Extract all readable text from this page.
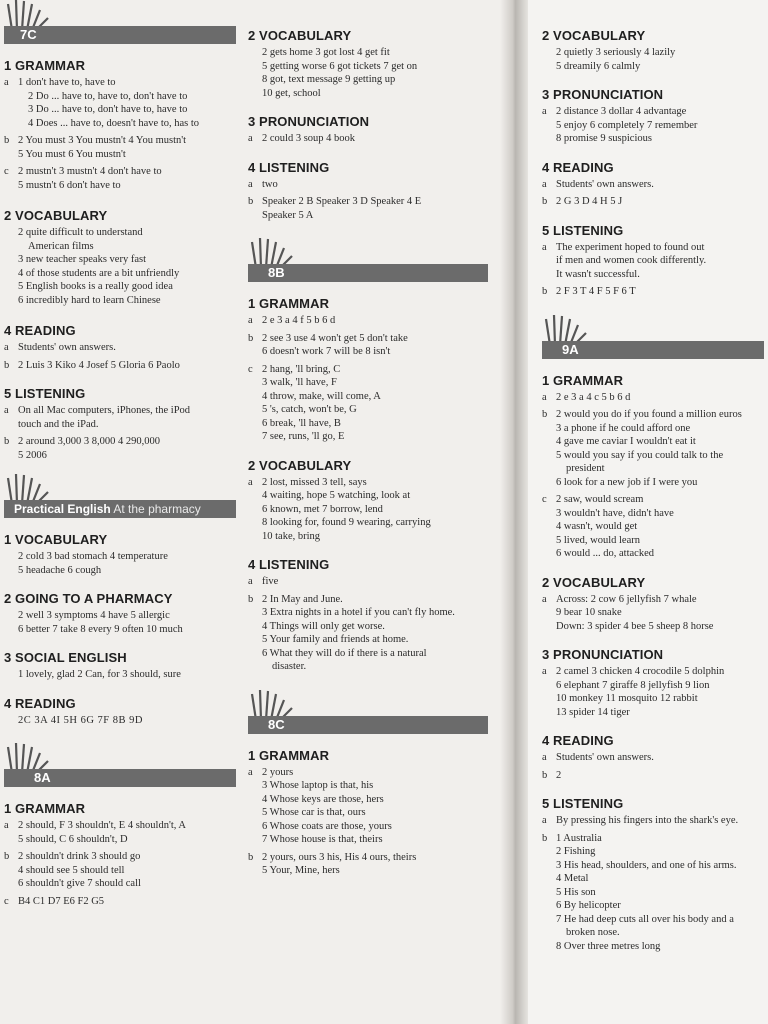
7C
1 GRAMMAR

a 1 don't have to, have to

2 Do ... have to, have to, don't have to

3 Do ... have to, don't have to, have to

4 Does ... have to, doesn't have to, has to

b 2 You must 3 You mustn't 4 You mustn't

5 You must 6 You mustn't

c 2 mustn't 3 mustn't 4 don't have to

5 mustn't 6 don't have to

2 VOCABULARY

2 quite difficult to understand

American films

3 new teacher speaks very fast

4 of those students are a bit unfriendly

5 English books is a really good idea

6 incredibly hard to learn Chinese

4 READING

a Students' own answers.

b 2 Luis 3 Kiko 4 Josef 5 Gloria 6 Paolo

5 LISTENING

a On all Mac computers, iPhones, the iPod

touch and the iPad.

b 2 around 3,000 3 8,000 4 290,000

5 2006

Practical English At the pharmacy
1 VOCABULARY

2 cold 3 bad stomach 4 temperature

5 headache 6 cough

2 GOING TO A PHARMACY

2 well 3 symptoms 4 have 5 allergic

6 better 7 take 8 every 9 often 10 much

3 SOCIAL ENGLISH

1 lovely, glad 2 Can, for 3 should, sure

4 READING

2C 3A 4I 5H 6G 7F 8B 9D

8A
1 GRAMMAR

a 2 should, F 3 shouldn't, E 4 shouldn't, A

5 should, C 6 shouldn't, D

b 2 shouldn't drink 3 should go

4 should see 5 should tell

6 shouldn't give 7 should call

c B4 C1 D7 E6 F2 G5

2 VOCABULARY

2 gets home 3 got lost 4 get fit

5 getting worse 6 got tickets 7 get on

8 got, text message 9 getting up

10 get, school

3 PRONUNCIATION

a 2 could 3 soup 4 book

4 LISTENING

a two

b Speaker 2 B Speaker 3 D Speaker 4 E

Speaker 5 A

8B
1 GRAMMAR

a 2 e 3 a 4 f 5 b 6 d

b 2 see 3 use 4 won't get 5 don't take

6 doesn't work 7 will be 8 isn't

c 2 hang, 'll bring, C

3 walk, 'll have, F

4 throw, make, will come, A

5 's, catch, won't be, G

6 break, 'll have, B

7 see, runs, 'll go, E

2 VOCABULARY

a 2 lost, missed 3 tell, says

4 waiting, hope 5 watching, look at

6 known, met 7 borrow, lend

8 looking for, found 9 wearing, carrying

10 take, bring

4 LISTENING

a five

b 2 In May and June.

3 Extra nights in a hotel if you can't fly home.

4 Things will only get worse.

5 Your family and friends at home.

6 What they will do if there is a natural

disaster.

8C
1 GRAMMAR

a 2 yours

3 Whose laptop is that, his

4 Whose keys are those, hers

5 Whose car is that, ours

6 Whose coats are those, yours

7 Whose house is that, theirs

b 2 yours, ours 3 his, His 4 ours, theirs

5 Your, Mine, hers

2 VOCABULARY

2 quietly 3 seriously 4 lazily

5 dreamily 6 calmly

3 PRONUNCIATION

a 2 distance 3 dollar 4 advantage

5 enjoy 6 completely 7 remember

8 promise 9 suspicious

4 READING

a Students' own answers.

b 2 G 3 D 4 H 5 J

5 LISTENING

a The experiment hoped to found out

if men and women cook differently.

It wasn't successful.

b 2 F 3 T 4 F 5 F 6 T

9A
1 GRAMMAR

a 2 e 3 a 4 c 5 b 6 d

b 2 would you do if you found a million euros

3 a phone if he could afford one

4 gave me caviar I wouldn't eat it

5 would you say if you could talk to the

president

6 look for a new job if I were you

c 2 saw, would scream

3 wouldn't have, didn't have

4 wasn't, would get

5 lived, would learn

6 would ... do, attacked

2 VOCABULARY

a Across: 2 cow 6 jellyfish 7 whale

9 bear 10 snake

Down: 3 spider 4 bee 5 sheep 8 horse

3 PRONUNCIATION

a 2 camel 3 chicken 4 crocodile 5 dolphin

6 elephant 7 giraffe 8 jellyfish 9 lion

10 monkey 11 mosquito 12 rabbit

13 spider 14 tiger

4 READING

a Students' own answers.

b 2

5 LISTENING

a By pressing his fingers into the shark's eye.

b 1 Australia

2 Fishing

3 His head, shoulders, and one of his arms.

4 Metal

5 His son

6 By helicopter

7 He had deep cuts all over his body and a

broken nose.

8 Over three metres long
